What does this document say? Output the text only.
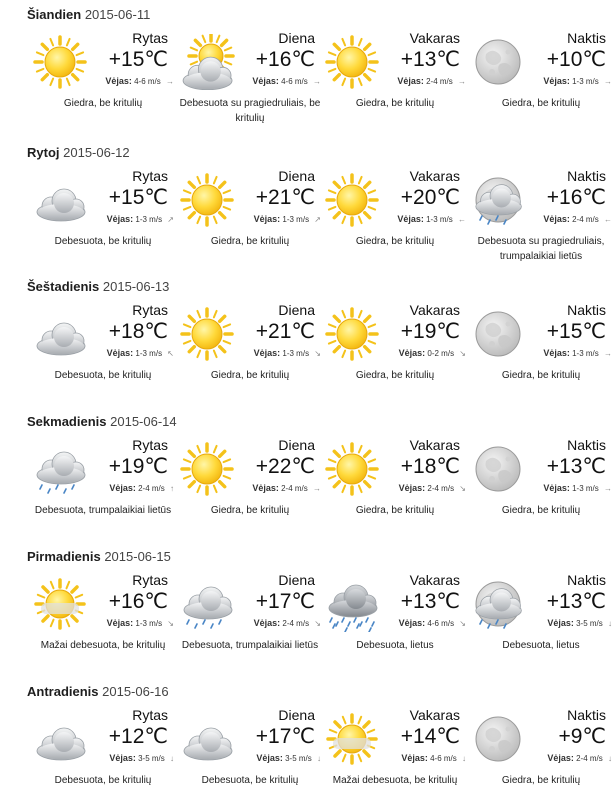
Šiandien 2015-06-11
Rytas
+15℃
Vėjas: 4-6 m/s →
Giedra, be kritulių
Diena
+16℃
Vėjas: 4-6 m/s →
Debesuota su pragiedruliais, be kritulių
Vakaras
+13℃
Vėjas: 2-4 m/s →
Giedra, be kritulių
Naktis
+10℃
Vėjas: 1-3 m/s →
Giedra, be kritulių
Rytoj 2015-06-12
Rytas
+15℃
Vėjas: 1-3 m/s ↗
Debesuota, be kritulių
Diena
+21℃
Vėjas: 1-3 m/s ↗
Giedra, be kritulių
Vakaras
+20℃
Vėjas: 1-3 m/s ←
Giedra, be kritulių
Naktis
+16℃
Vėjas: 2-4 m/s ←
Debesuota su pragiedruliais, trumpalaikiai lietūs
Šeštadienis 2015-06-13
Rytas
+18℃
Vėjas: 1-3 m/s ↖
Debesuota, be kritulių
Diena
+21℃
Vėjas: 1-3 m/s ↘
Giedra, be kritulių
Vakaras
+19℃
Vėjas: 0-2 m/s ↘
Giedra, be kritulių
Naktis
+15℃
Vėjas: 1-3 m/s →
Giedra, be kritulių
Sekmadienis 2015-06-14
Rytas
+19℃
Vėjas: 2-4 m/s ↑
Debesuota, trumpalaikiai lietūs
Diena
+22℃
Vėjas: 2-4 m/s →
Giedra, be kritulių
Vakaras
+18℃
Vėjas: 2-4 m/s ↘
Giedra, be kritulių
Naktis
+13℃
Vėjas: 1-3 m/s →
Giedra, be kritulių
Pirmadienis 2015-06-15
Rytas
+16℃
Vėjas: 1-3 m/s ↘
Mažai debesuota, be kritulių
Diena
+17℃
Vėjas: 2-4 m/s ↘
Debesuota, trumpalaikiai lietūs
Vakaras
+13℃
Vėjas: 4-6 m/s ↘
Debesuota, lietus
Naktis
+13℃
Vėjas: 3-5 m/s ↓
Debesuota, lietus
Antradienis 2015-06-16
Rytas
+12℃
Vėjas: 3-5 m/s ↓
Debesuota, be kritulių
Diena
+17℃
Vėjas: 3-5 m/s ↓
Debesuota, be kritulių
Vakaras
+14℃
Vėjas: 4-6 m/s ↓
Mažai debesuota, be kritulių
Naktis
+9℃
Vėjas: 2-4 m/s ↓
Giedra, be kritulių
